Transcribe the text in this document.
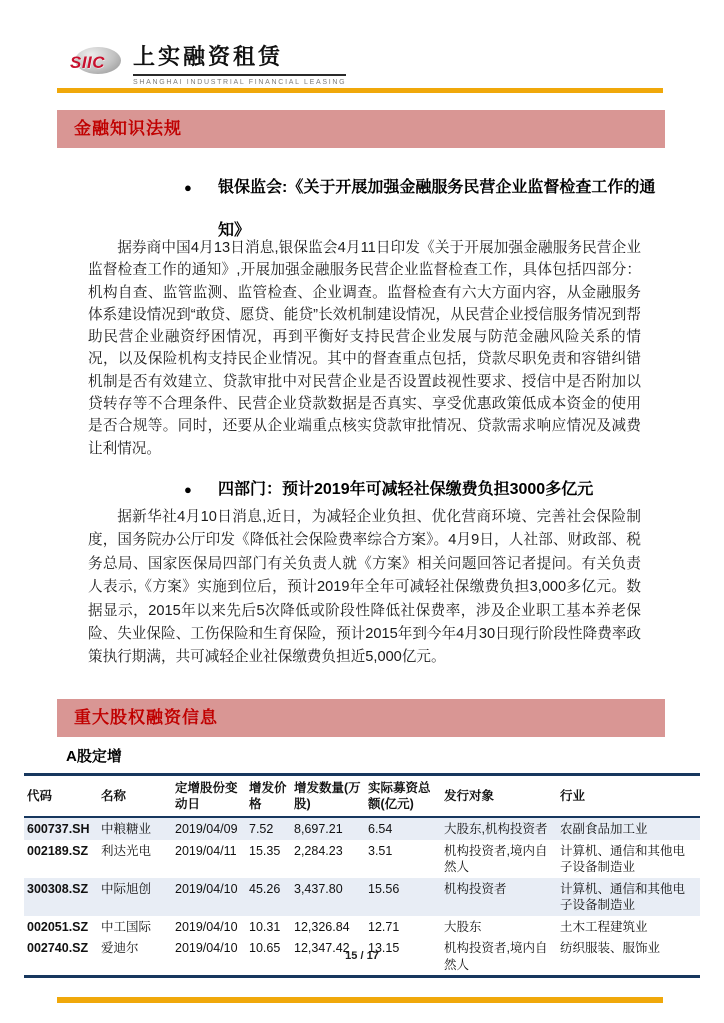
SIIC 上实融资租赁
SHANGHAI INDUSTRIAL FINANCIAL LEASING
金融知识法规
●	银保监会:《关于开展加强金融服务民营企业监督检查工作的通知》
据券商中国4月13日消息,银保监会4月11日印发《关于开展加强金融服务民营企业监督检查工作的通知》,开展加强金融服务民营企业监督检查工作，具体包括四部分：机构自查、监管监测、监管检查、企业调查。监督检查有六大方面内容，从金融服务体系建设情况到“敢贷、愿贷、能贷”长效机制建设情况，从民营企业授信服务情况到帮助民营企业融资纾困情况，再到平衡好支持民营企业发展与防范金融风险关系的情况，以及保险机构支持民企业情况。其中的督查重点包括，贷款尽职免责和容错纠错机制是否有效建立、贷款审批中对民营企业是否设置歧视性要求、授信中是否附加以贷转存等不合理条件、民营企业贷款数据是否真实、享受优惠政策低成本资金的使用是否合规等。同时，还要从企业端重点核实贷款审批情况、贷款需求响应情况及减费让利情况。
●	四部门：预计2019年可减轻社保缴费负担3000多亿元
据新华社4月10日消息,近日，为减轻企业负担、优化营商环境、完善社会保险制度，国务院办公厅印发《降低社会保险费率综合方案》。4月9日，人社部、财政部、税务总局、国家医保局四部门有关负责人就《方案》相关问题回答记者提问。有关负责人表示,《方案》实施到位后，预计2019年全年可减轻社保缴费负担3,000多亿元。数据显示，2015年以来先后5次降低或阶段性降低社保费率，涉及企业职工基本养老保险、失业保险、工伤保险和生育保险，预计2015年到今年4月30日现行阶段性降费率政策执行期满，共可减轻企业社保缴费负担近5,000亿元。
重大股权融资信息
A股定增
代码	名称	定增股份变动日	增发价格	增发数量(万股)	实际募资总额(亿元)	发行对象	行业
600737.SH	中粮糖业	2019/04/09	7.52	8,697.21	6.54	大股东,机构投资者	农副食品加工业
002189.SZ	利达光电	2019/04/11	15.35	2,284.23	3.51	机构投资者,境内自然人	计算机、通信和其他电子设备制造业
300308.SZ	中际旭创	2019/04/10	45.26	3,437.80	15.56	机构投资者	计算机、通信和其他电子设备制造业
002051.SZ	中工国际	2019/04/10	10.31	12,326.84	12.71	大股东	土木工程建筑业
002740.SZ	爱迪尔	2019/04/10	10.65	12,347.42	13.15	机构投资者,境内自然人	纺织服装、服饰业
15 / 17
